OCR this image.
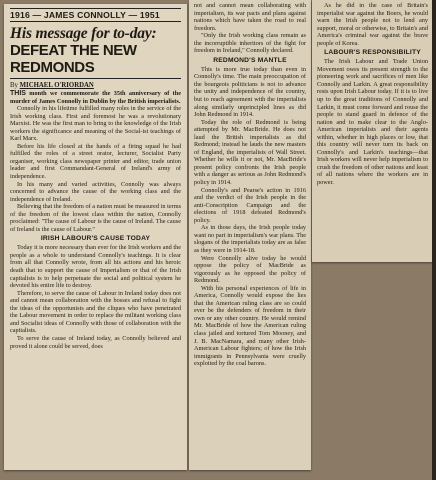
1916 — JAMES CONNOLLY — 1951
His message for to-day:
DEFEAT THE NEW REDMONDS
By MICHAEL O'RIORDAN

THIS month we commemorate the 35th anniversary of the murder of James Connolly in Dublin by the British imperialists.

Connolly in his lifetime fulfilled many roles in the service of the Irish working class. First and foremost he was a revolutionary Marxist. He was the first man to bring to the knowledge of the Irish workers the significance and meaning of the Social-ist teachings of Karl Marx.

Before his life closed at the hands of a firing squad he had fulfilled the roles of a street orator, lecturer, Socialist Party organiser, working class newspaper printer and editor, trade union leader and first Commandant-General of Ireland's army of independence.

In his many and varied activities, Connolly was always concerned to advance the cause of the working class and the independence of Ireland.

Believing that the freedom of a nation must be measured in terms of the freedom of the lowest class within the nation, Connolly proclaimed: "The cause of Labour is the cause of Ireland. The cause of Ireland is the cause of Labour."

IRISH LABOUR'S CAUSE TODAY

Today it is more necessary than ever for the Irish workers and the people as a whole to understand Connolly's teachings. It is clear from all that Connolly wrote, from all his actions and his heroic death that to support the cause of Imperialism or that of the Irish capitalists is to help perpetuate the social and political system he devoted his entire life to destroy.

Therefore, to serve the cause of Labour in Ireland today does not and cannot mean collaboration with the bosses and refusal to fight the ideas of the opportunists and the cliques who have penetrated the Labour movement in order to replace the militant working class and Socialist ideas of Connolly with those of collaboration with the capitalists.

To serve the cause of Ireland today, as Connolly believed and proved it alone could be served, does

not and cannot mean collaborating with imperialism, its war pacts and plans against nations which have taken the road to real freedom.

"Only the Irish working class remain as the incorruptible inheritors of the fight for freedom in Ireland," Connolly declared.

REDMOND'S MANTLE

This is more true today than even in Connolly's time. The main preoccupation of the bourgeois politicians is not to advance the unity and independence of the country, but to reach agreement with the imperialists along similarly unprincipled lines as did John Redmond in 1914.

Today the role of Redmond is being attempted by Mr. MacBride. He does not laud the British imperialists as did Redmond; instead he lauds the new masters of England, the imperialists of Wall Street. Whether he wills it or not, Mr. MacBride's present policy confronts the Irish people with a danger as serious as John Redmond's policy in 1914.

Connolly's and Pearse's action in 1916 and the verdict of the Irish people in the anti-Conscription Campaign and the elections of 1918 defeated Redmond's policy.

As in those days, the Irish people today want no part in imperialism's war plans. The slogans of the imperialists today are as false as they were in 1914-18.

Were Connolly alive today he would oppose the policy of MacBride as vigorously as he opposed the policy of Redmond.

With his personal experiences of life in America, Connolly would expose the lies that the American ruling class are so could ever be the defenders of freedom in their own or any other country. He would remind Mr. MacBride of how the American ruling class jailed and tortured Tom Mooney, and J. B. MacNamara, and many other Irish-American Labour fighters; of how the Irish immigrants in Pennsylvania were cruelly exploited by the coal barons.

As he did in the case of Britain's imperialist war against the Boers, he would warn the Irish people not to lend any support, moral or otherwise, to Britain's and America's criminal war against the brave people of Korea.

LABOUR'S RESPONSIBILITY

The Irish Labour and Trade Union Movement owes its present strength to the pioneering work and sacrifices of men like Connolly and Larkin. A great responsibility rests upon Irish Labour today. If it is to live up to the great traditions of Connolly and Larkin, it must come forward and rouse the people to stand guard in defence of the nation and to make clear to the Anglo-American imperialists and their agents within, whether in high places or low, that this country will never turn its back on Connolly's and Larkin's teachings—that Irish workers will never help imperialism to crush the freedom of other nations and least of all nations where the workers are in power.
